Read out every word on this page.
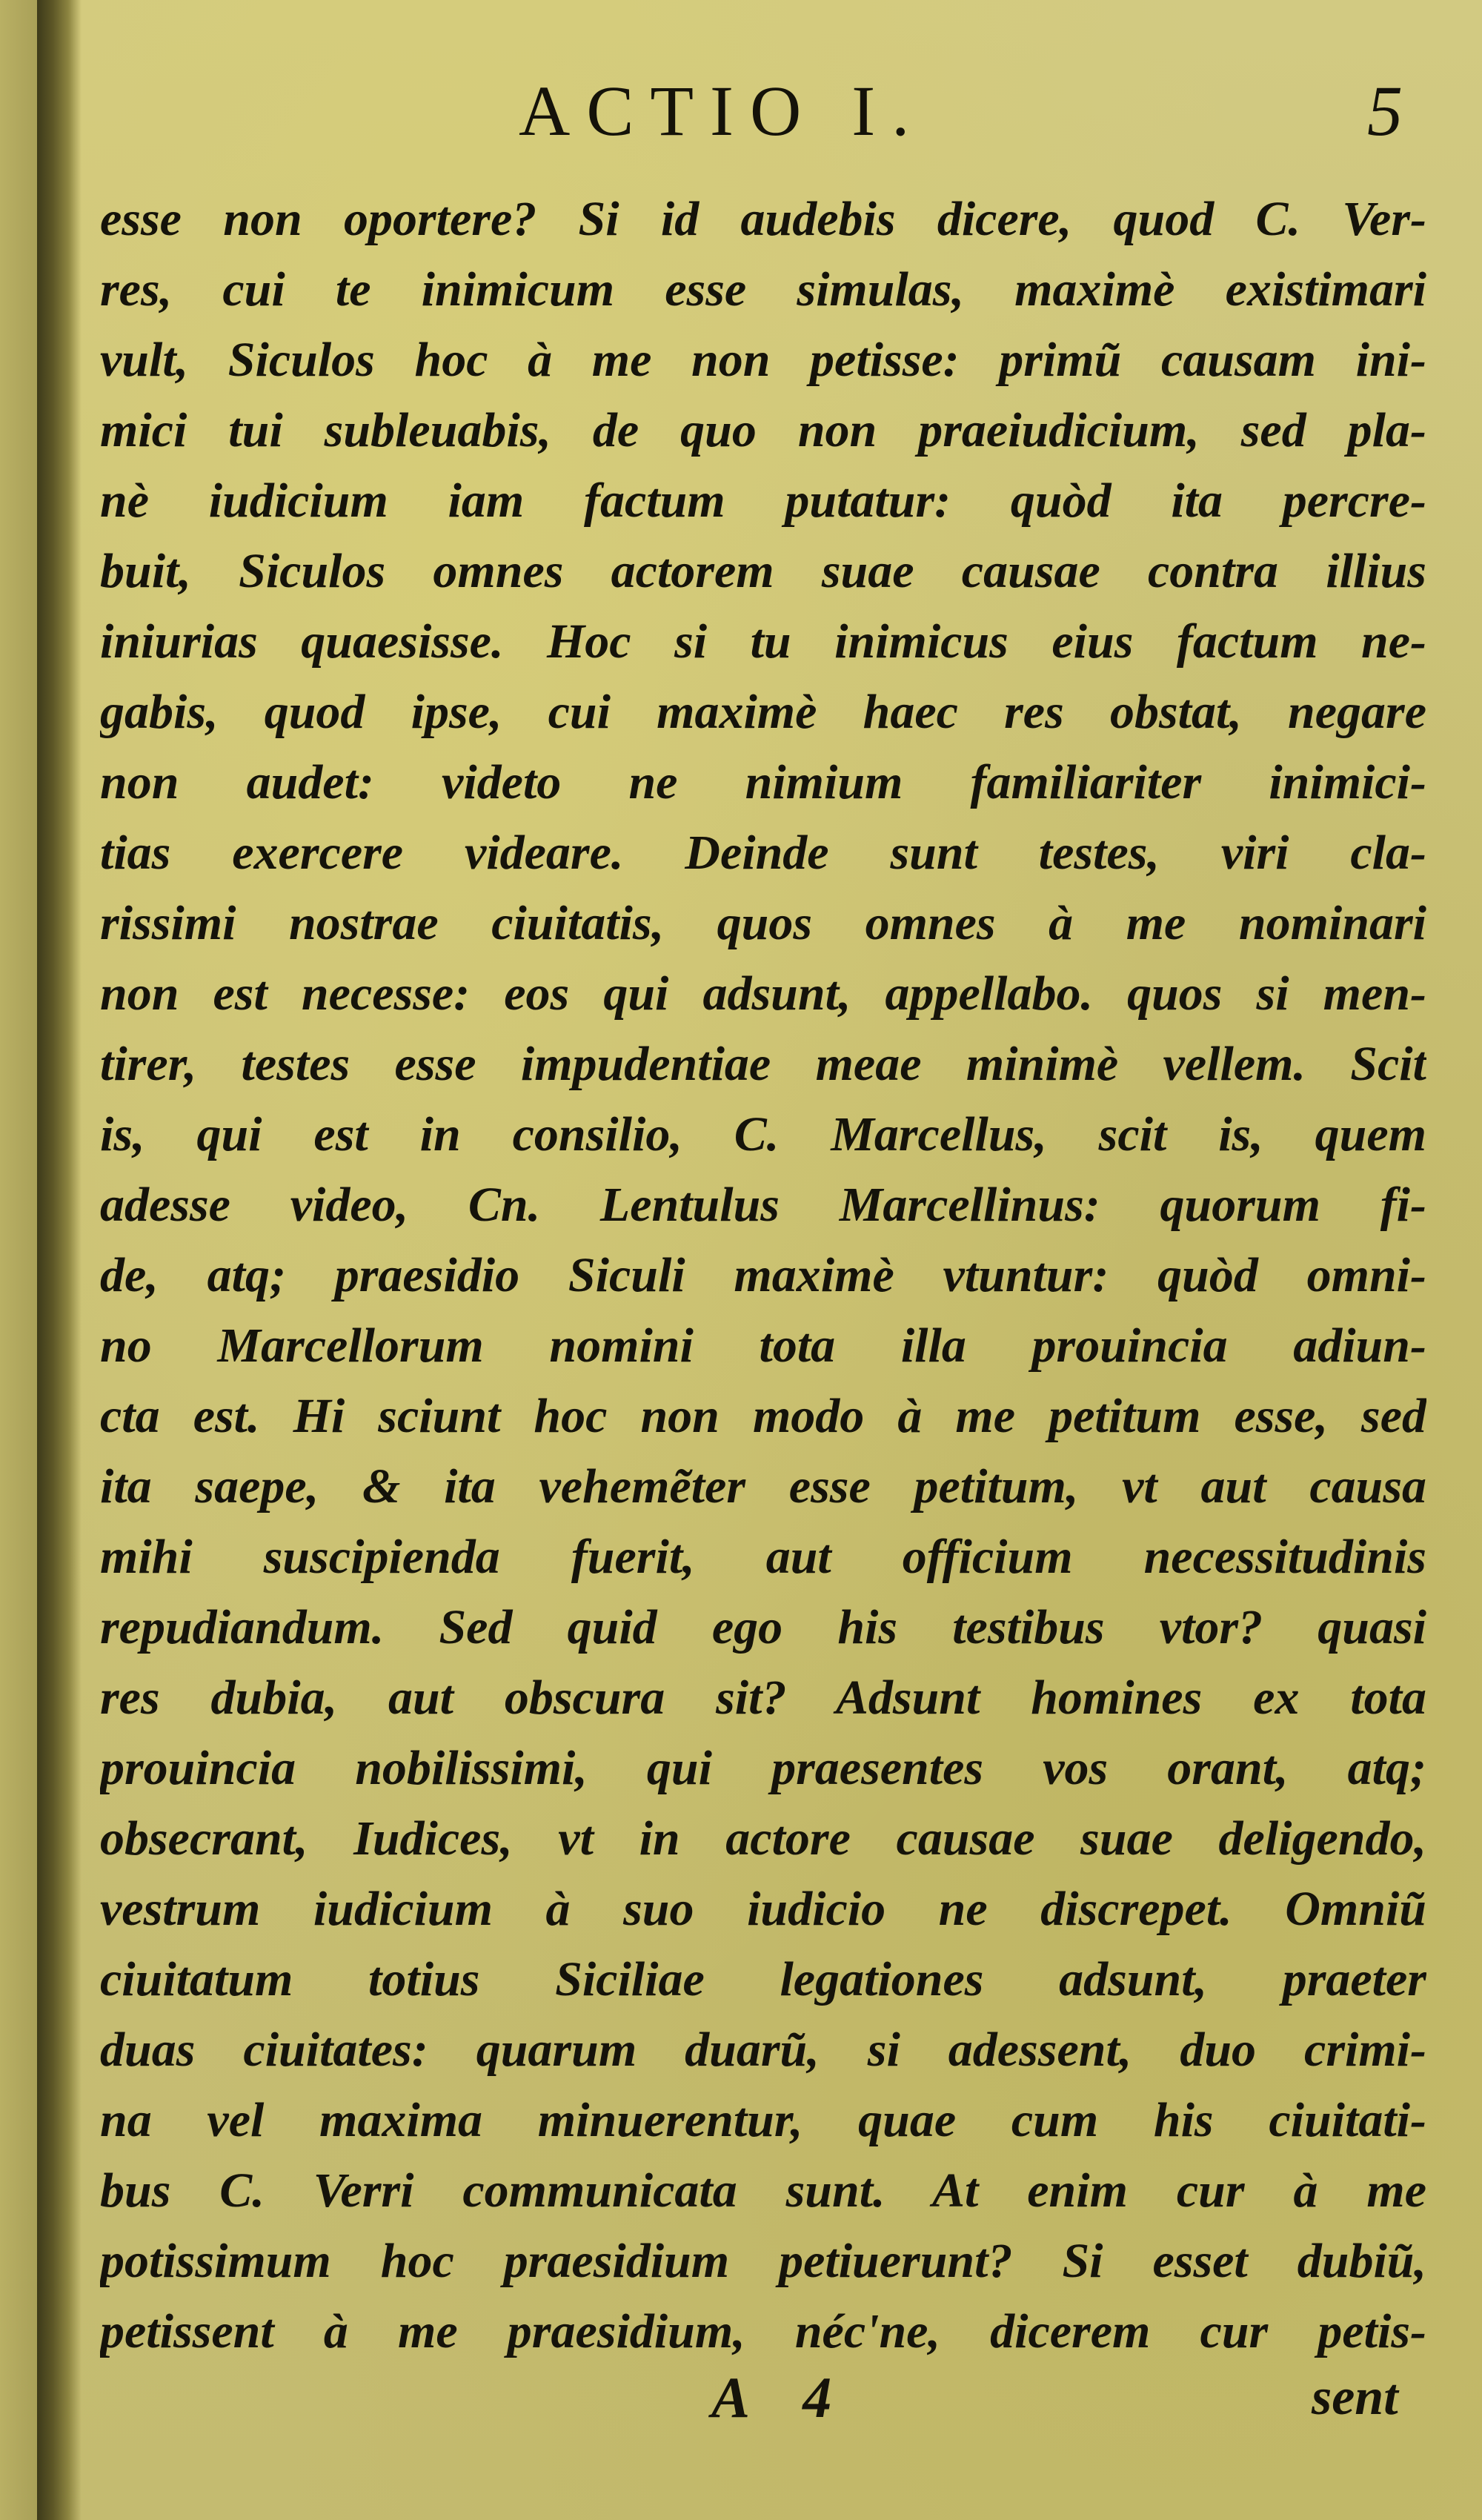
ACTIO I.	5
esse non oportere? Si id audebis dicere, quod C. Ver-
res, cui te inimicum esse simulas, maximè existimari
vult, Siculos hoc à me non petisse: primũ causam ini-
mici tui subleuabis, de quo non praeiudicium, sed pla-
nè iudicium iam factum putatur: quòd ita percre-
buit, Siculos omnes actorem suae causae contra illius
iniurias quaesisse. Hoc si tu inimicus eius factum ne-
gabis, quod ipse, cui maximè haec res obstat, negare
non audet: videto ne nimium familiariter inimici-
tias exercere videare. Deinde sunt testes, viri cla-
rissimi nostrae ciuitatis, quos omnes à me nominari
non est necesse: eos qui adsunt, appellabo. quos si men-
tirer, testes esse impudentiae meae minimè vellem. Scit
is, qui est in consilio, C. Marcellus, scit is, quem
adesse video, Cn. Lentulus Marcellinus: quorum fi-
de, atq; praesidio Siculi maximè vtuntur: quòd omni-
no Marcellorum nomini tota illa prouincia adiun-
cta est. Hi sciunt hoc non modo à me petitum esse, sed
ita saepe, & ita vehemẽter esse petitum, vt aut causa
mihi suscipienda fuerit, aut officium necessitudinis
repudiandum. Sed quid ego his testibus vtor? quasi
res dubia, aut obscura sit? Adsunt homines ex tota
prouincia nobilissimi, qui praesentes vos orant, atq;
obsecrant, Iudices, vt in actore causae suae deligendo,
vestrum iudicium à suo iudicio ne discrepet. Omniũ
ciuitatum totius Siciliae legationes adsunt, praeter
duas ciuitates: quarum duarũ, si adessent, duo crimi-
na vel maxima minuerentur, quae cum his ciuitati-
bus C. Verri communicata sunt. At enim cur à me
potissimum hoc praesidium petiuerunt? Si esset dubiũ,
petissent à me praesidium, néc'ne, dicerem cur petis-
A 4	sent
